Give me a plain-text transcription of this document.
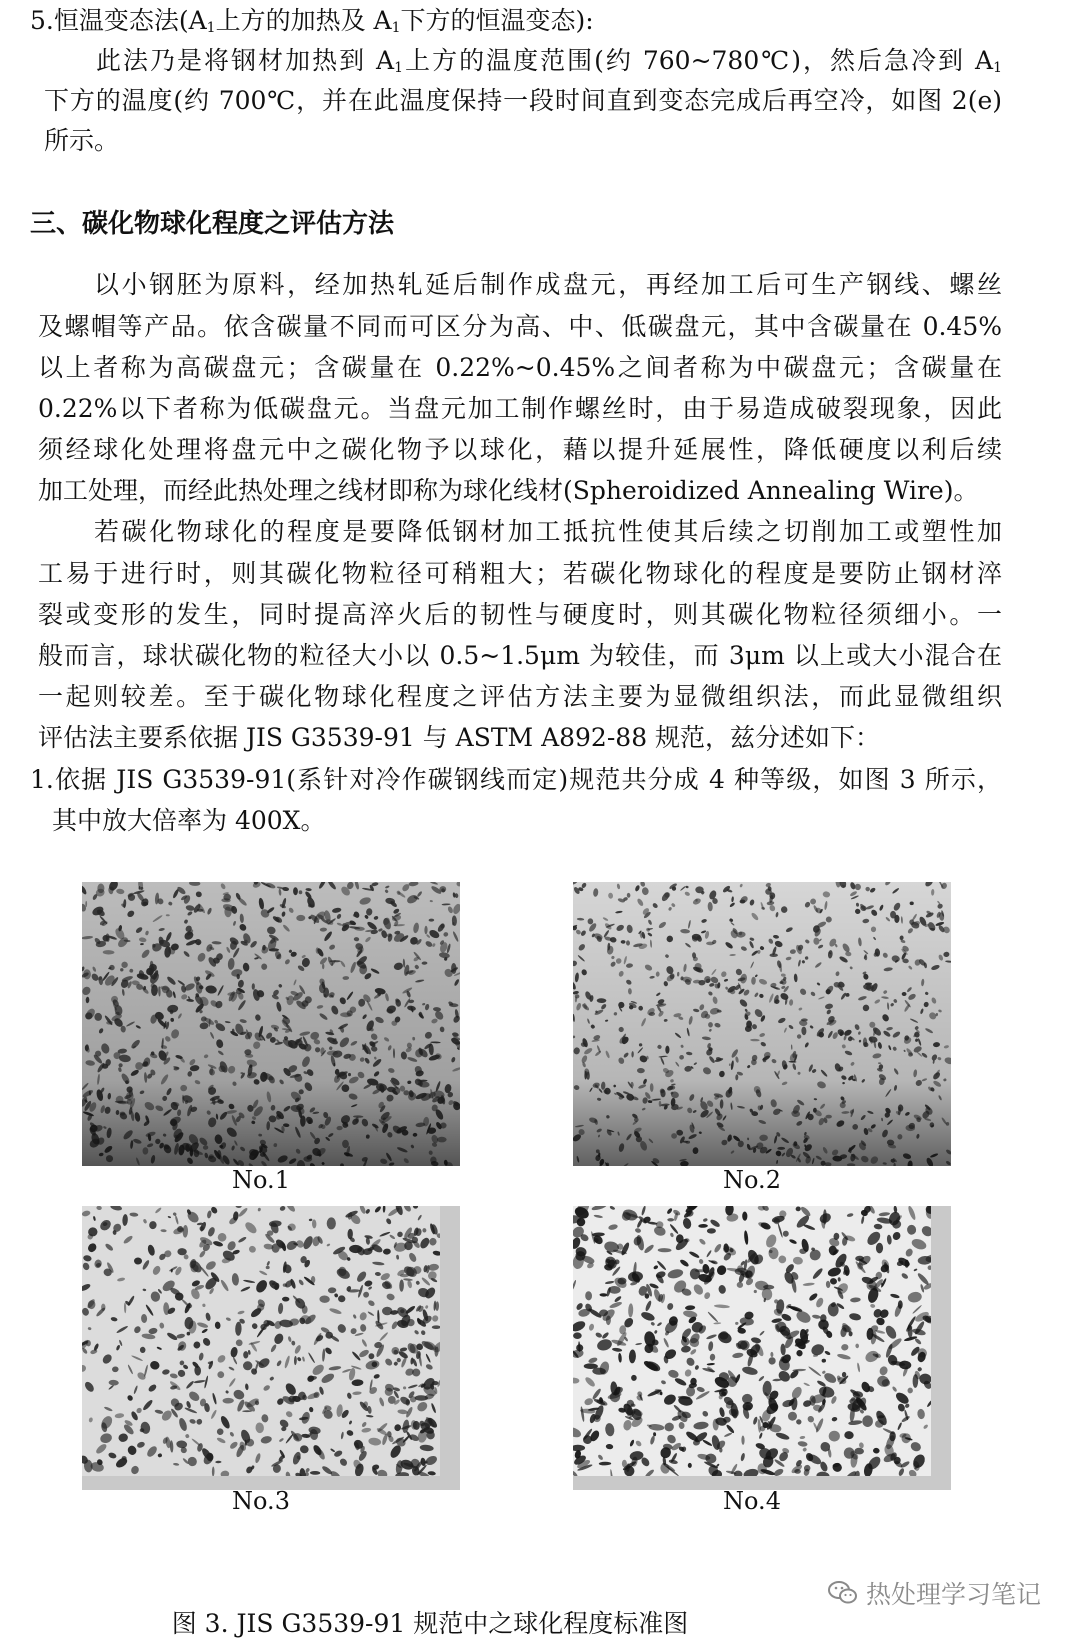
5.恒温变态法($A_1$上方的加热及 $A_1$下方的恒温变态):
此法乃是将钢材加热到 $A_1$上方的温度范围(约 760~780℃)，然后急冷到 $A_1$
下方的温度(约 700℃，并在此温度保持一段时间直到变态完成后再空冷，如图 2(e)
所示。
三、碳化物球化程度之评估方法
以小钢胚为原料，经加热轧延后制作成盘元，再经加工后可生产钢线、螺丝
及螺帽等产品。依含碳量不同而可区分为高、中、低碳盘元，其中含碳量在 0.45%
以上者称为高碳盘元；含碳量在 0.22%~0.45%之间者称为中碳盘元；含碳量在
0.22%以下者称为低碳盘元。当盘元加工制作螺丝时，由于易造成破裂现象，因此
须经球化处理将盘元中之碳化物予以球化，藉以提升延展性，降低硬度以利后续
加工处理，而经此热处理之线材即称为球化线材(Spheroidized Annealing Wire)。
若碳化物球化的程度是要降低钢材加工抵抗性使其后续之切削加工或塑性加
工易于进行时，则其碳化物粒径可稍粗大；若碳化物球化的程度是要防止钢材淬
裂或变形的发生，同时提高淬火后的韧性与硬度时，则其碳化物粒径须细小。一
般而言，球状碳化物的粒径大小以 0.5~1.5μm 为较佳，而 3μm 以上或大小混合在
一起则较差。至于碳化物球化程度之评估方法主要为显微组织法，而此显微组织
评估法主要系依据 JIS G3539-91 与 ASTM A892-88 规范，兹分述如下：
1.依据 JIS G3539-91(系针对冷作碳钢线而定)规范共分成 4 种等级，如图 3 所示，
其中放大倍率为 400X。
No.1	No.2
No.3	No.4
热处理学习笔记
图 3. JIS G3539-91 规范中之球化程度标准图
